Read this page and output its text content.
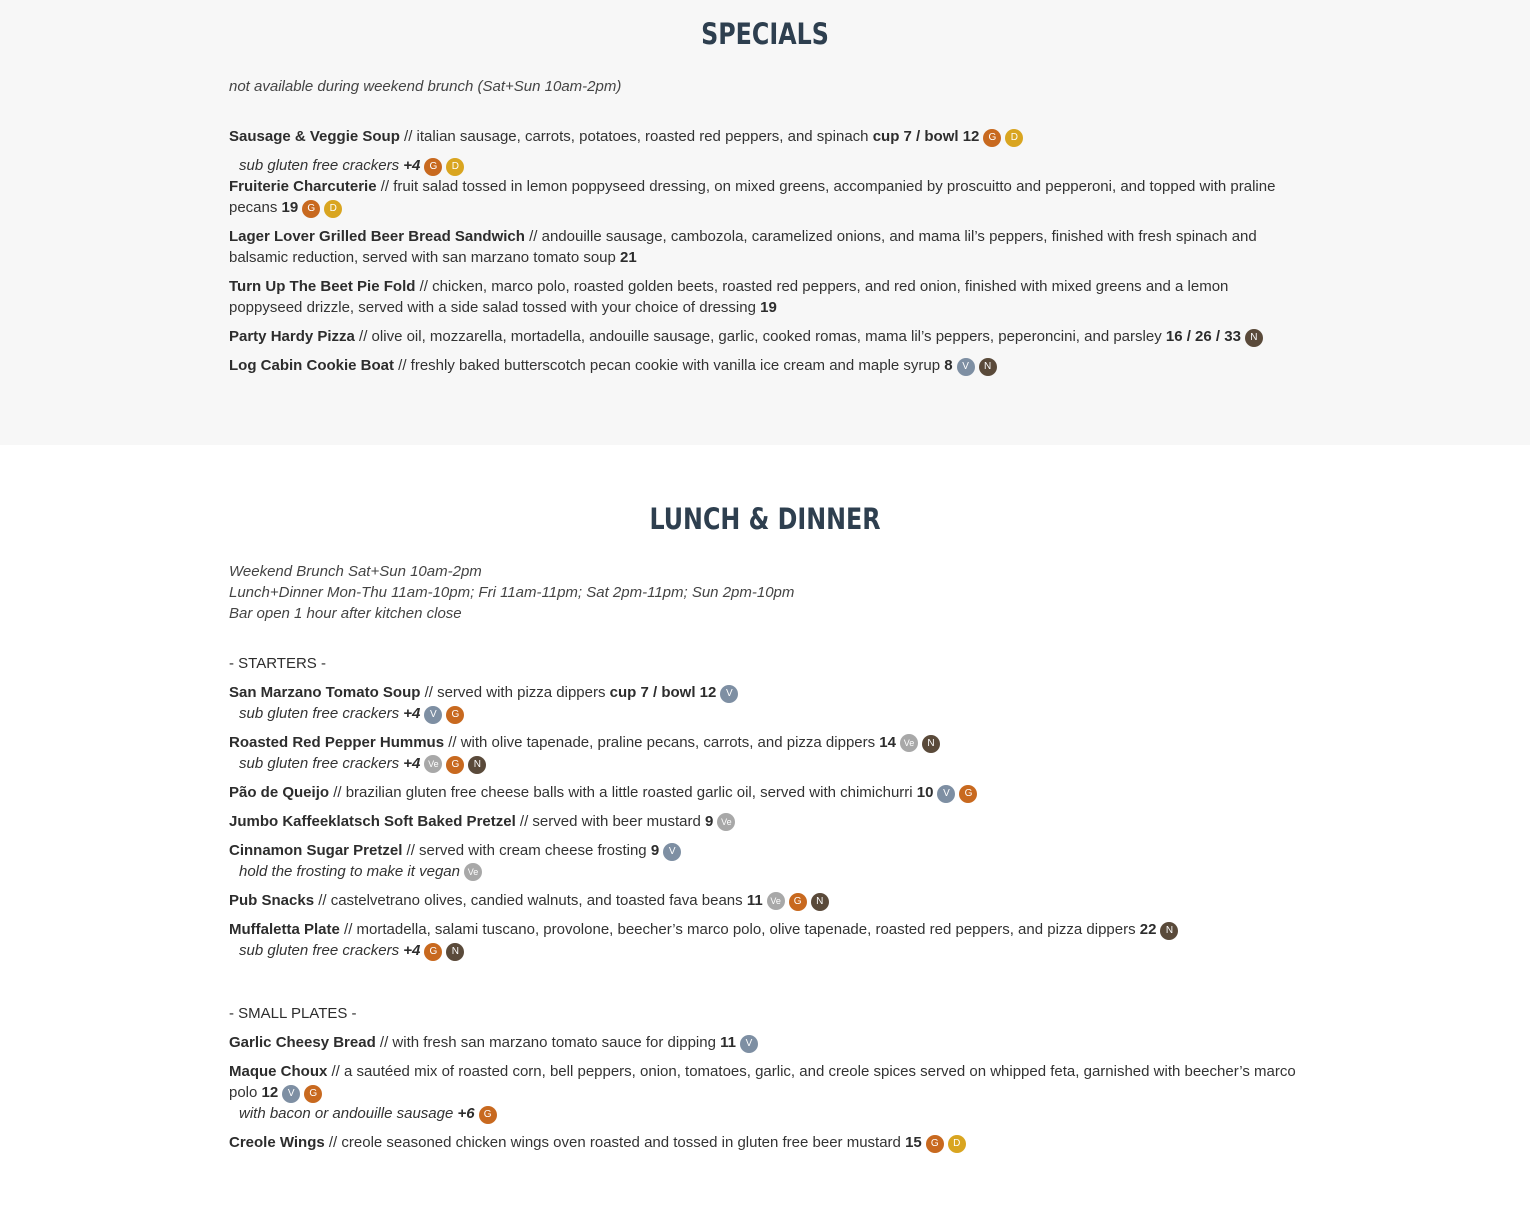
SPECIALS

not available during weekend brunch (Sat+Sun 10am-2pm)

Sausage & Veggie Soup // italian sausage, carrots, potatoes, roasted red peppers, and spinach cup 7 / bowl 12 G D
sub gluten free crackers +4 G D
Fruiterie Charcuterie // fruit salad tossed in lemon poppyseed dressing, on mixed greens, accompanied by proscuitto and pepperoni, and topped with praline pecans 19 G D
Lager Lover Grilled Beer Bread Sandwich // andouille sausage, cambozola, caramelized onions, and mama lil’s peppers, finished with fresh spinach and balsamic reduction, served with san marzano tomato soup 21
Turn Up The Beet Pie Fold // chicken, marco polo, roasted golden beets, roasted red peppers, and red onion, finished with mixed greens and a lemon poppyseed drizzle, served with a side salad tossed with your choice of dressing 19
Party Hardy Pizza // olive oil, mozzarella, mortadella, andouille sausage, garlic, cooked romas, mama lil’s peppers, peperoncini, and parsley 16 / 26 / 33 N
Log Cabin Cookie Boat // freshly baked butterscotch pecan cookie with vanilla ice cream and maple syrup 8 V N
LUNCH & DINNER

Weekend Brunch Sat+Sun 10am-2pm

Lunch+Dinner Mon-Thu 11am-10pm; Fri 11am-11pm; Sat 2pm-11pm; Sun 2pm-10pm

Bar open 1 hour after kitchen close

- STARTERS -
San Marzano Tomato Soup // served with pizza dippers cup 7 / bowl 12 V
sub gluten free crackers +4 V G
Roasted Red Pepper Hummus // with olive tapenade, praline pecans, carrots, and pizza dippers 14 Ve N
sub gluten free crackers +4 Ve G N
Pão de Queijo // brazilian gluten free cheese balls with a little roasted garlic oil, served with chimichurri 10 V G
Jumbo Kaffeeklatsch Soft Baked Pretzel // served with beer mustard 9 Ve
Cinnamon Sugar Pretzel // served with cream cheese frosting 9 V
hold the frosting to make it vegan Ve
Pub Snacks // castelvetrano olives, candied walnuts, and toasted fava beans 11 Ve G N
Muffaletta Plate // mortadella, salami tuscano, provolone, beecher’s marco polo, olive tapenade, roasted red peppers, and pizza dippers 22 N
sub gluten free crackers +4 G N
- SMALL PLATES -
Garlic Cheesy Bread // with fresh san marzano tomato sauce for dipping 11 V
Maque Choux // a sautéed mix of roasted corn, bell peppers, onion, tomatoes, garlic, and creole spices served on whipped feta, garnished with beecher’s marco polo 12 V G
with bacon or andouille sausage +6 G
Creole Wings // creole seasoned chicken wings oven roasted and tossed in gluten free beer mustard 15 G D
